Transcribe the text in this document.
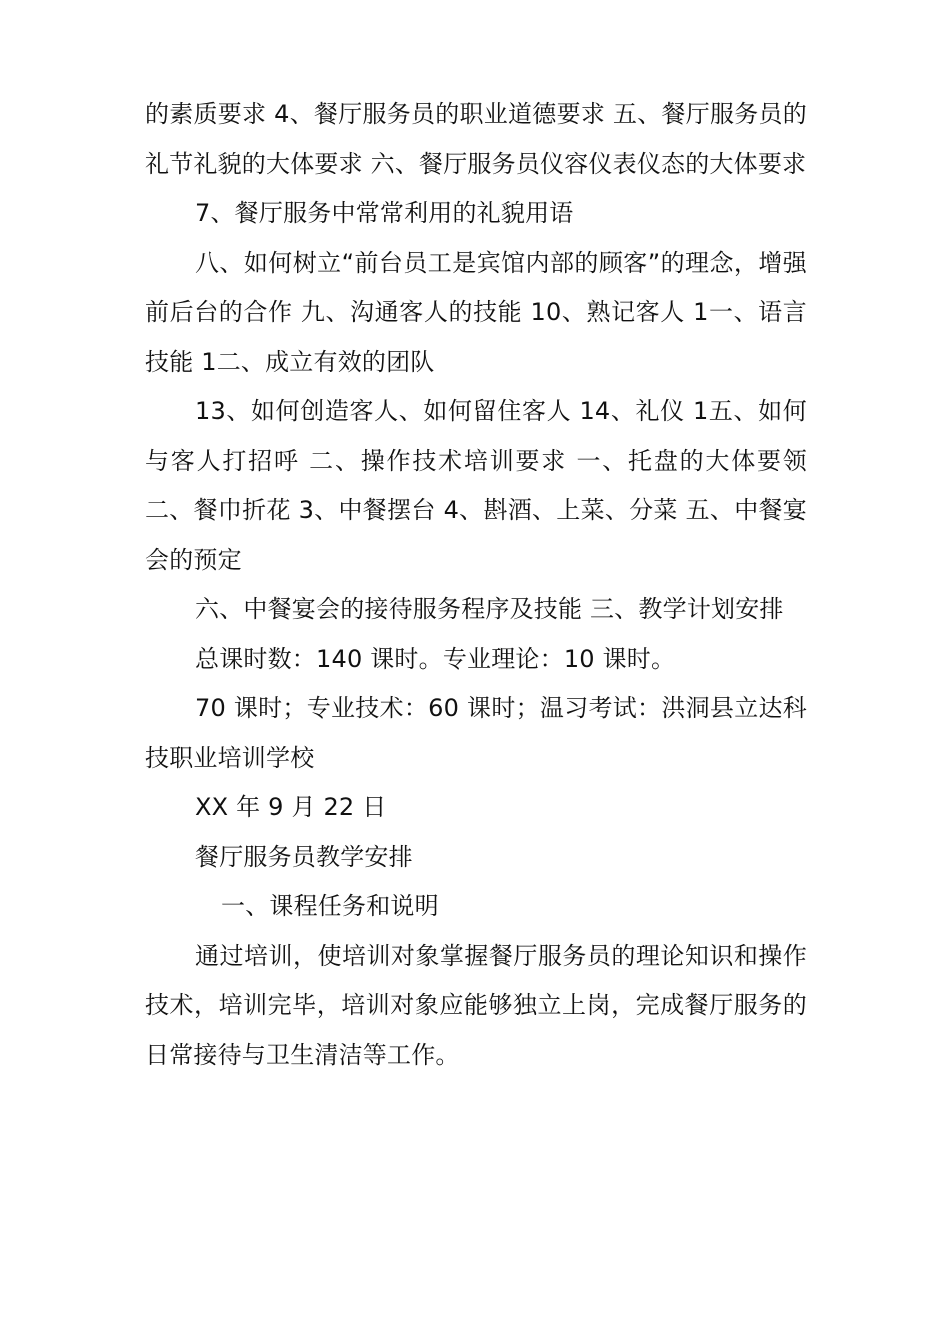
的素质要求 4、餐厅服务员的职业道德要求 五、餐厅服务员的礼节礼貌的大体要求 六、餐厅服务员仪容仪表仪态的大体要求

7、餐厅服务中常常利用的礼貌用语

八、如何树立“前台员工是宾馆内部的顾客”的理念，增强前后台的合作 九、沟通客人的技能 10、熟记客人 1一、语言技能 1二、成立有效的团队

13、如何创造客人、如何留住客人 14、礼仪 1五、如何与客人打招呼 二、操作技术培训要求 一、托盘的大体要领 二、餐巾折花 3、中餐摆台 4、斟酒、上菜、分菜 五、中餐宴会的预定

六、中餐宴会的接待服务程序及技能 三、教学计划安排

总课时数：140 课时。专业理论：10 课时。

70 课时；专业技术：60 课时；温习考试：洪洞县立达科技职业培训学校

XX 年 9 月 22 日

餐厅服务员教学安排

一、课程任务和说明

通过培训，使培训对象掌握餐厅服务员的理论知识和操作技术，培训完毕，培训对象应能够独立上岗，完成餐厅服务的日常接待与卫生清洁等工作。
